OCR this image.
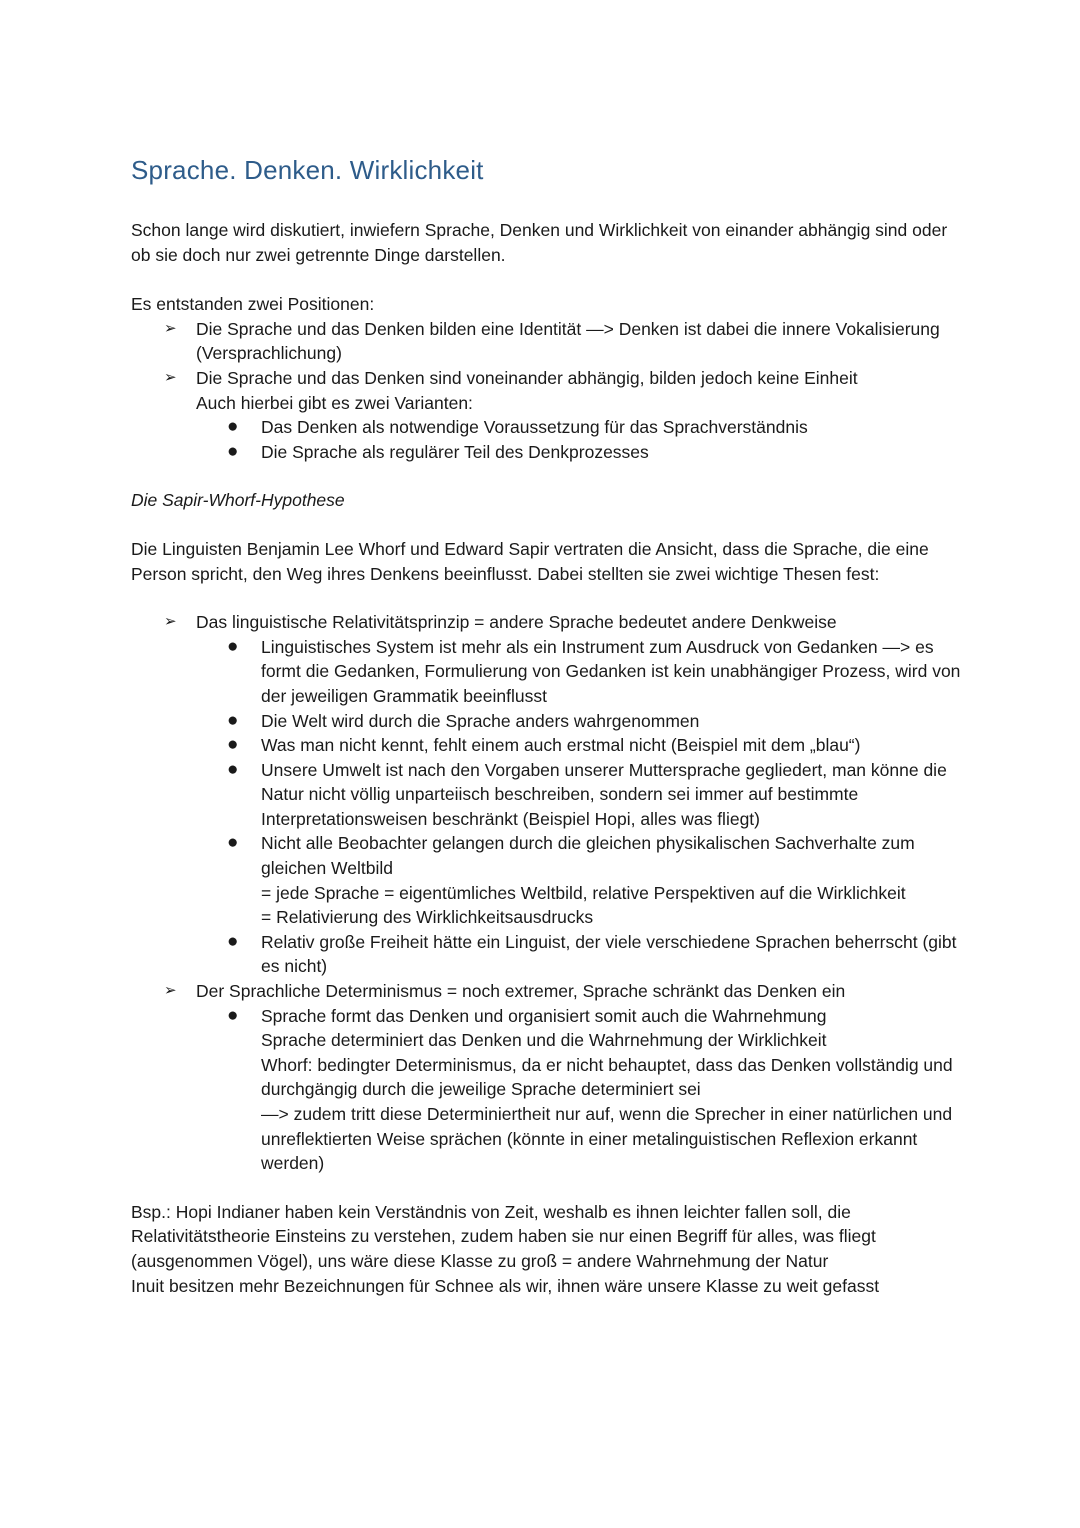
Sprache. Denken. Wirklichkeit

Schon lange wird diskutiert, inwiefern Sprache, Denken und Wirklichkeit von einander abhängig sind oder ob sie doch nur zwei getrennte Dinge darstellen.

Es entstanden zwei Positionen:

➢ Die Sprache und das Denken bilden eine Identität —> Denken ist dabei die innere Vokalisierung (Versprachlichung)
➢ Die Sprache und das Denken sind voneinander abhängig, bilden jedoch keine Einheit
Auch hierbei gibt es zwei Varianten:
● Das Denken als notwendige Voraussetzung für das Sprachverständnis
● Die Sprache als regulärer Teil des Denkprozesses

Die Sapir-Whorf-Hypothese

Die Linguisten Benjamin Lee Whorf und Edward Sapir vertraten die Ansicht, dass die Sprache, die eine Person spricht, den Weg ihres Denkens beeinflusst. Dabei stellten sie zwei wichtige Thesen fest:

➢ Das linguistische Relativitätsprinzip = andere Sprache bedeutet andere Denkweise
● Linguistisches System ist mehr als ein Instrument zum Ausdruck von Gedanken —> es formt die Gedanken, Formulierung von Gedanken ist kein unabhängiger Prozess, wird von der jeweiligen Grammatik beeinflusst
● Die Welt wird durch die Sprache anders wahrgenommen
● Was man nicht kennt, fehlt einem auch erstmal nicht (Beispiel mit dem „blau“)
● Unsere Umwelt ist nach den Vorgaben unserer Muttersprache gegliedert, man könne die Natur nicht völlig unparteiisch beschreiben, sondern sei immer auf bestimmte Interpretationsweisen beschränkt (Beispiel Hopi, alles was fliegt)
● Nicht alle Beobachter gelangen durch die gleichen physikalischen Sachverhalte zum gleichen Weltbild
= jede Sprache = eigentümliches Weltbild, relative Perspektiven auf die Wirklichkeit
= Relativierung des Wirklichkeitsausdrucks
● Relativ große Freiheit hätte ein Linguist, der viele verschiedene Sprachen beherrscht (gibt es nicht)
➢ Der Sprachliche Determinismus = noch extremer, Sprache schränkt das Denken ein
● Sprache formt das Denken und organisiert somit auch die Wahrnehmung
Sprache determiniert das Denken und die Wahrnehmung der Wirklichkeit
Whorf: bedingter Determinismus, da er nicht behauptet, dass das Denken vollständig und durchgängig durch die jeweilige Sprache determiniert sei
—> zudem tritt diese Determiniertheit nur auf, wenn die Sprecher in einer natürlichen und unreflektierten Weise sprächen (könnte in einer metalinguistischen Reflexion erkannt werden)

Bsp.: Hopi Indianer haben kein Verständnis von Zeit, weshalb es ihnen leichter fallen soll, die Relativitätstheorie Einsteins zu verstehen, zudem haben sie nur einen Begriff für alles, was fliegt (ausgenommen Vögel), uns wäre diese Klasse zu groß = andere Wahrnehmung der Natur
Inuit besitzen mehr Bezeichnungen für Schnee als wir, ihnen wäre unsere Klasse zu weit gefasst
